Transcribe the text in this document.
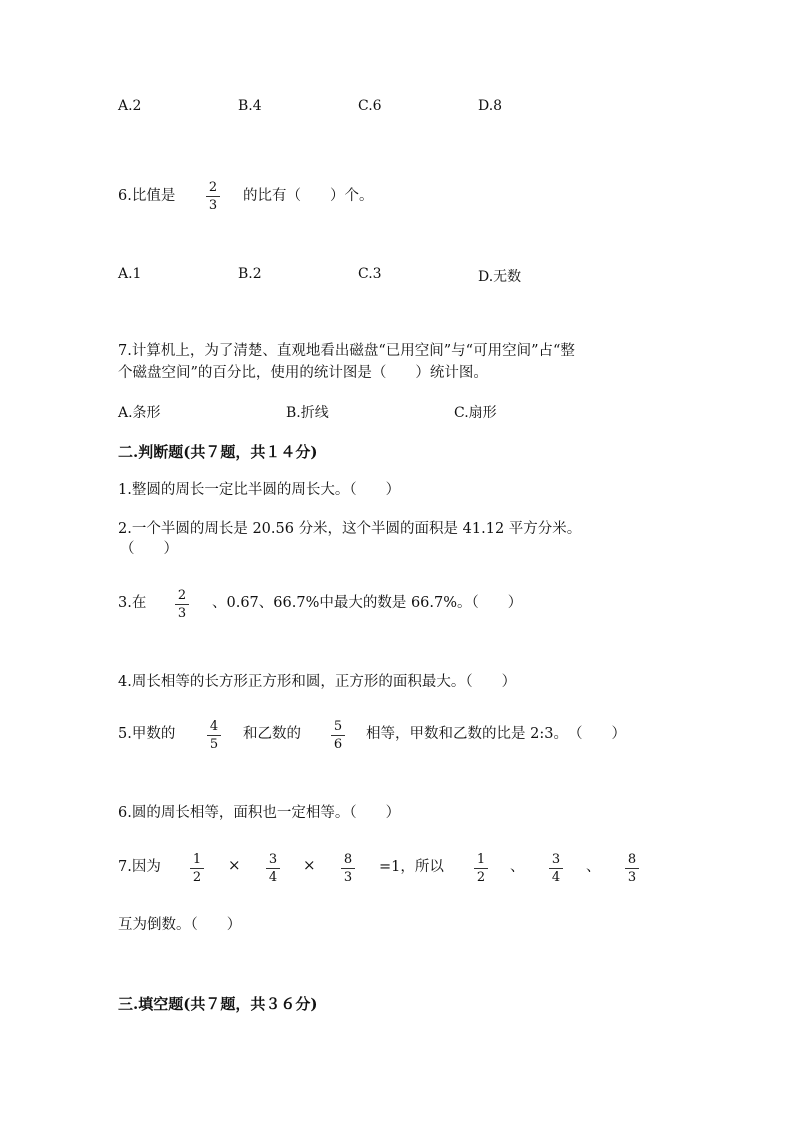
A.2	B.4	C.6	D.8
6.比值是
2
3
的比有（　　）个。
A.1	B.2	C.3	D.无数
7.计算机上，为了清楚、直观地看出磁盘“已用空间”与“可用空间”占“整
个磁盘空间”的百分比，使用的统计图是（　　）统计图。
A.条形	B.折线	C.扇形
二.判断题(共７题，共１４分)
1.整圆的周长一定比半圆的周长大。（　　）
2.一个半圆的周长是 20.56 分米，这个半圆的面积是 41.12 平方分米。
（　　）
3.在 2
3
、0.67、66.7%中最大的数是 66.7%。（　　）
4.周长相等的长方形正方形和圆，正方形的面积最大。（　　）
5.甲数的	4
5
和乙数的	5
6
相等，甲数和乙数的比是 2:3。　（　　）
6.圆的周长相等，面积也一定相等。（　　）
7.因为 1
2
× 3
4
× 8
3
=1，所以	1
2
、 3
4
、 8
3
互为倒数。（　　）
三.填空题(共７题，共３６分)
